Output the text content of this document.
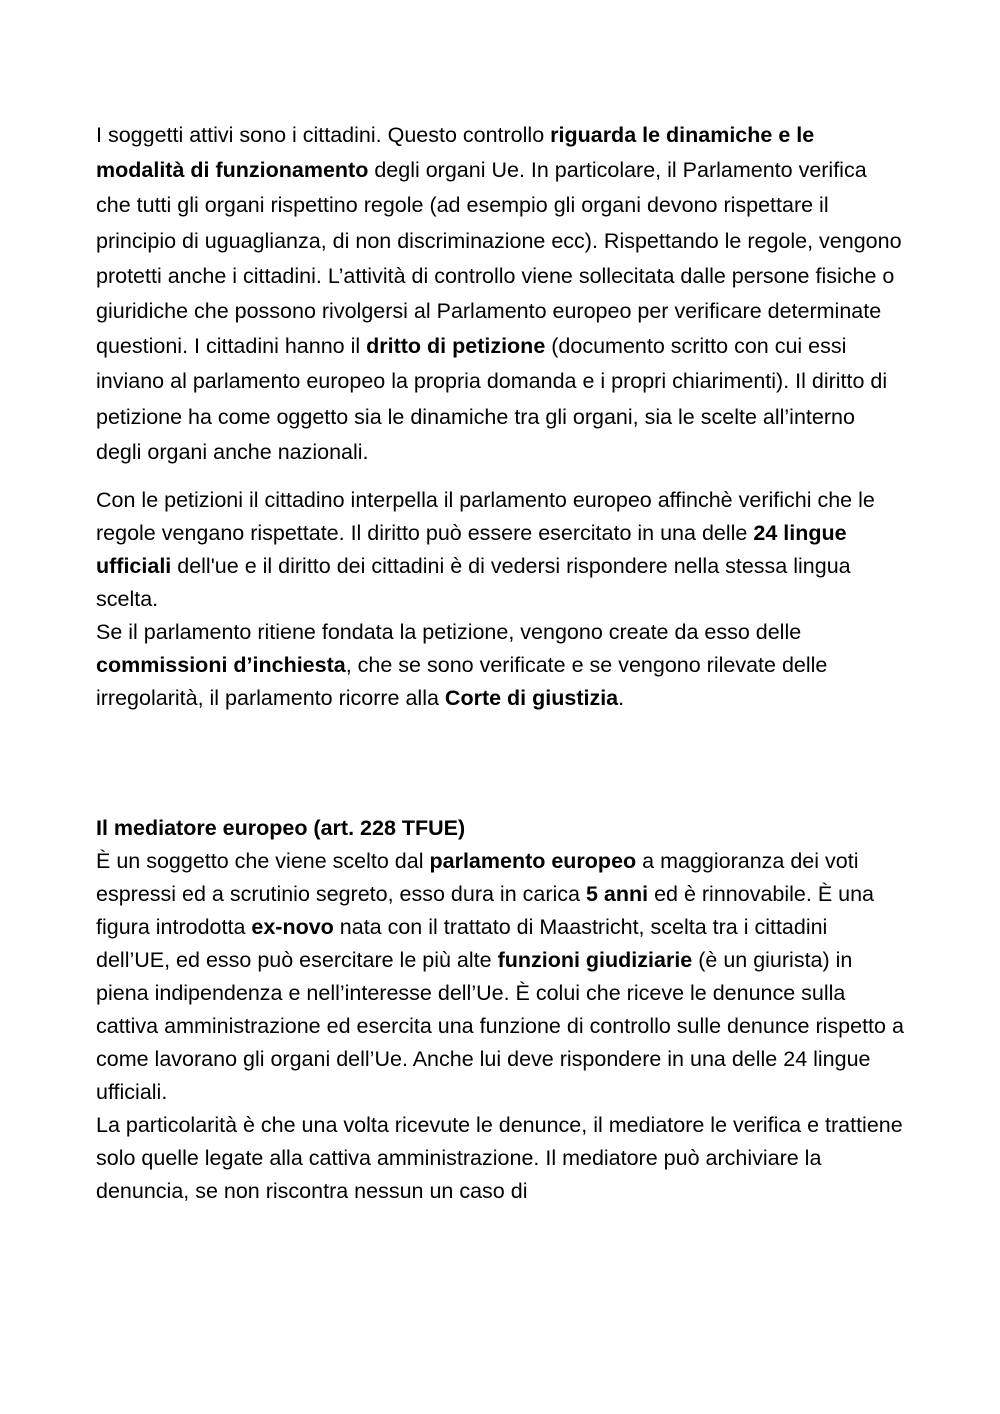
I soggetti attivi sono i cittadini. Questo controllo riguarda le dinamiche e le modalità di funzionamento degli organi Ue. In particolare, il Parlamento verifica che tutti gli organi rispettino regole (ad esempio gli organi devono rispettare il principio di uguaglianza, di non discriminazione ecc). Rispettando le regole, vengono protetti anche i cittadini. L’attività di controllo viene sollecitata dalle persone fisiche o giuridiche che possono rivolgersi al Parlamento europeo per verificare determinate questioni. I cittadini hanno il dritto di petizione (documento scritto con cui essi inviano al parlamento europeo la propria domanda e i propri chiarimenti). Il diritto di petizione ha come oggetto sia le dinamiche tra gli organi, sia le scelte all’interno degli organi anche nazionali.

Con le petizioni il cittadino interpella il parlamento europeo affinchè verifichi che le regole vengano rispettate. Il diritto può essere esercitato in una delle 24 lingue ufficiali dell'ue e il diritto dei cittadini è di vedersi rispondere nella stessa lingua scelta.

Se il parlamento ritiene fondata la petizione, vengono create da esso delle commissioni d’inchiesta, che se sono verificate e se vengono rilevate delle irregolarità, il parlamento ricorre alla Corte di giustizia.

Il mediatore europeo (art. 228 TFUE)

È un soggetto che viene scelto dal parlamento europeo a maggioranza dei voti espressi ed a scrutinio segreto, esso dura in carica 5 anni ed è rinnovabile. È una figura introdotta ex-novo nata con il trattato di Maastricht, scelta tra i cittadini dell’UE, ed esso può esercitare le più alte funzioni giudiziarie (è un giurista) in piena indipendenza e nell’interesse dell’Ue. È colui che riceve le denunce sulla cattiva amministrazione ed esercita una funzione di controllo sulle denunce rispetto a come lavorano gli organi dell’Ue. Anche lui deve rispondere in una delle 24 lingue ufficiali.

La particolarità è che una volta ricevute le denunce, il mediatore le verifica e trattiene solo quelle legate alla cattiva amministrazione. Il mediatore può archiviare la denuncia, se non riscontra nessun un caso di
